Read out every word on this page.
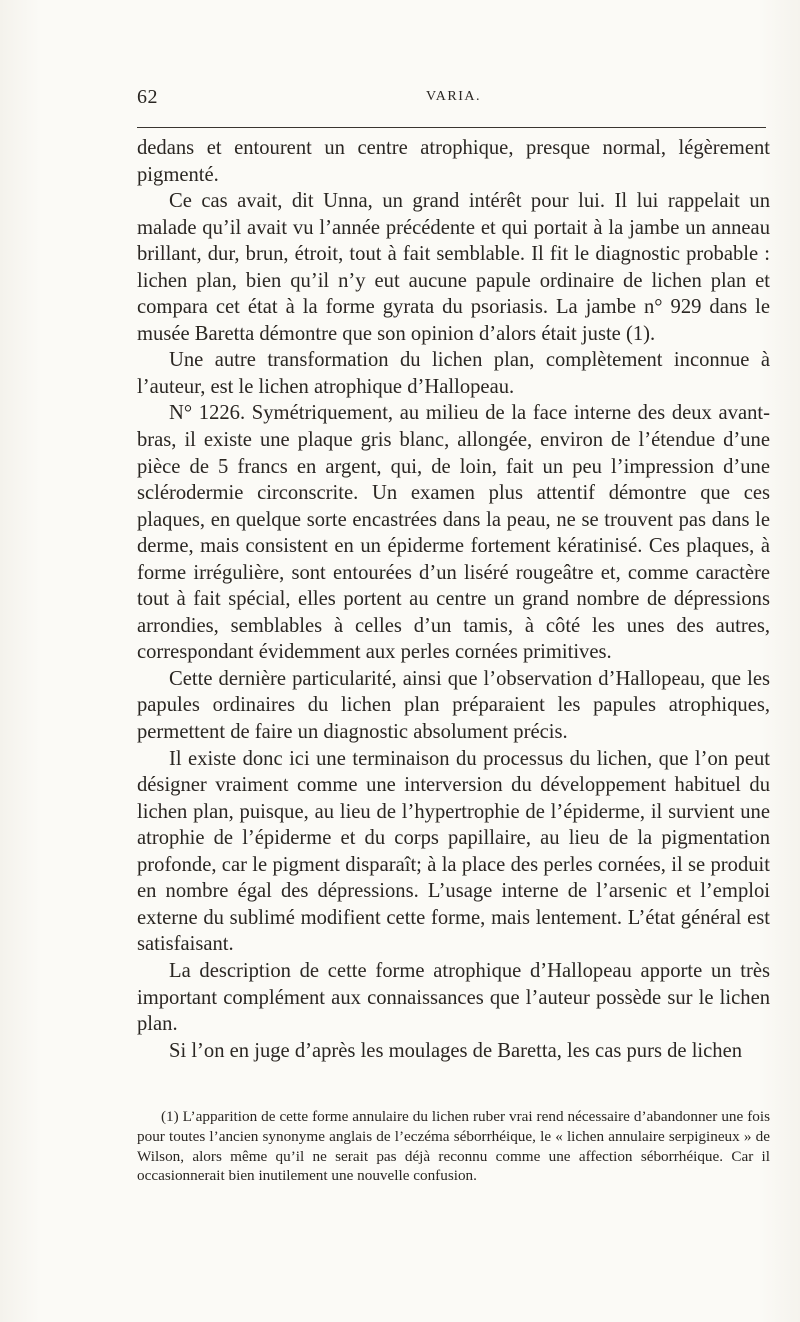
62	VARIA.

dedans et entourent un centre atrophique, presque normal, légèrement pigmenté.

Ce cas avait, dit Unna, un grand intérêt pour lui. Il lui rappelait un malade qu’il avait vu l’année précédente et qui portait à la jambe un anneau brillant, dur, brun, étroit, tout à fait semblable. Il fit le diagnostic probable : lichen plan, bien qu’il n’y eut aucune papule ordinaire de lichen plan et compara cet état à la forme gyrata du psoriasis. La jambe n° 929 dans le musée Baretta démontre que son opinion d’alors était juste (1).

Une autre transformation du lichen plan, complètement inconnue à l’auteur, est le lichen atrophique d’Hallopeau.

N° 1226. Symétriquement, au milieu de la face interne des deux avant-bras, il existe une plaque gris blanc, allongée, environ de l’étendue d’une pièce de 5 francs en argent, qui, de loin, fait un peu l’impression d’une sclérodermie circonscrite. Un examen plus attentif démontre que ces plaques, en quelque sorte encastrées dans la peau, ne se trouvent pas dans le derme, mais consistent en un épiderme fortement kératinisé. Ces plaques, à forme irrégulière, sont entourées d’un liséré rougeâtre et, comme caractère tout à fait spécial, elles portent au centre un grand nombre de dépressions arrondies, semblables à celles d’un tamis, à côté les unes des autres, correspondant évidemment aux perles cornées primitives.

Cette dernière particularité, ainsi que l’observation d’Hallopeau, que les papules ordinaires du lichen plan préparaient les papules atrophiques, permettent de faire un diagnostic absolument précis.

Il existe donc ici une terminaison du processus du lichen, que l’on peut désigner vraiment comme une interversion du développement habituel du lichen plan, puisque, au lieu de l’hypertrophie de l’épiderme, il survient une atrophie de l’épiderme et du corps papillaire, au lieu de la pigmentation profonde, car le pigment disparaît; à la place des perles cornées, il se produit en nombre égal des dépressions. L’usage interne de l’arsenic et l’emploi externe du sublimé modifient cette forme, mais lentement. L’état général est satisfaisant.

La description de cette forme atrophique d’Hallopeau apporte un très important complément aux connaissances que l’auteur possède sur le lichen plan.

Si l’on en juge d’après les moulages de Baretta, les cas purs de lichen

(1) L’apparition de cette forme annulaire du lichen ruber vrai rend nécessaire d’abandonner une fois pour toutes l’ancien synonyme anglais de l’eczéma séborrhéique, le « lichen annulaire serpigineux » de Wilson, alors même qu’il ne serait pas déjà reconnu comme une affection séborrhéique. Car il occasionnerait bien inutilement une nouvelle confusion.
